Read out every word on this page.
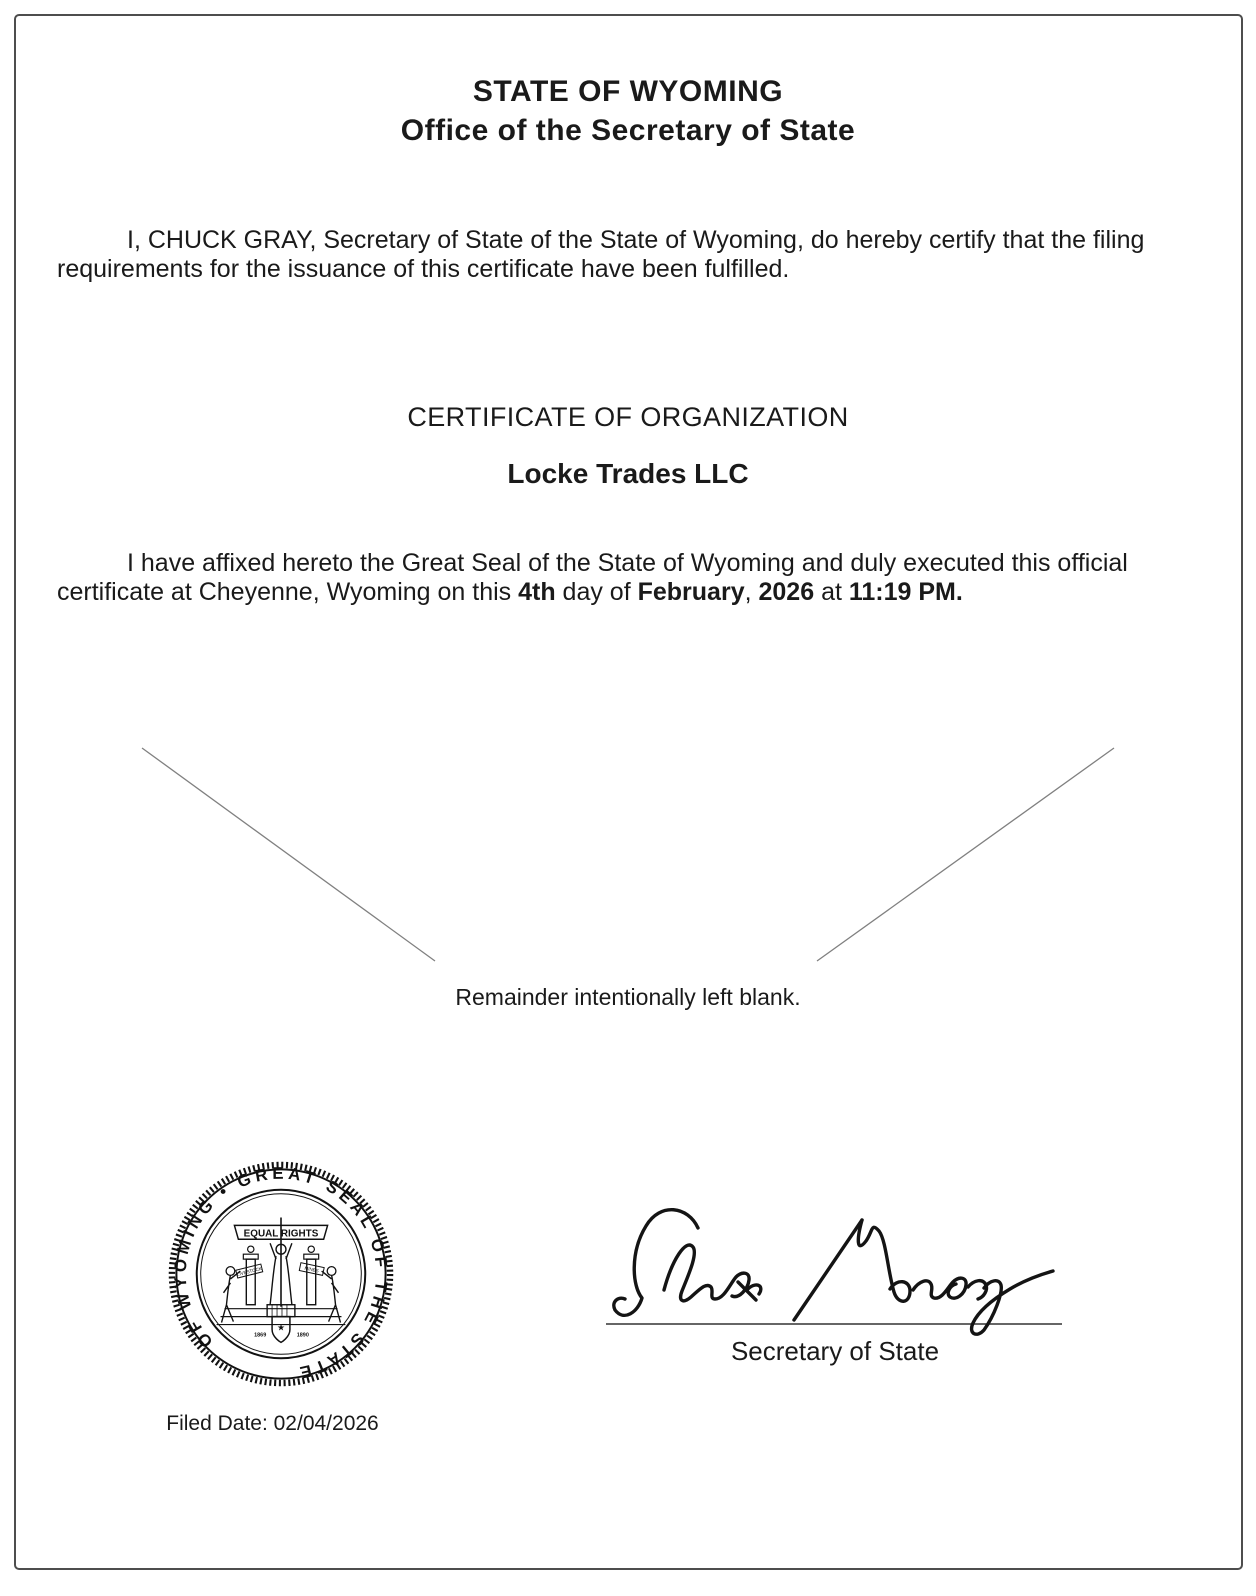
STATE OF WYOMING
Office of the Secretary of State

I, CHUCK GRAY, Secretary of State of the State of Wyoming, do hereby certify that the filing requirements for the issuance of this certificate have been fulfilled.

CERTIFICATE OF ORGANIZATION
Locke Trades LLC

I have affixed hereto the Great Seal of the State of Wyoming and duly executed this official certificate at Cheyenne, Wyoming on this 4th day of February, 2026 at 11:19 PM.

Remainder intentionally left blank.
OF WYOMING • GREAT SEAL OF THE STATE
EQUAL RIGHTS
LIVESTOCK	MINES
★
1869	1890
Filed Date: 02/04/2026
Secretary of State
